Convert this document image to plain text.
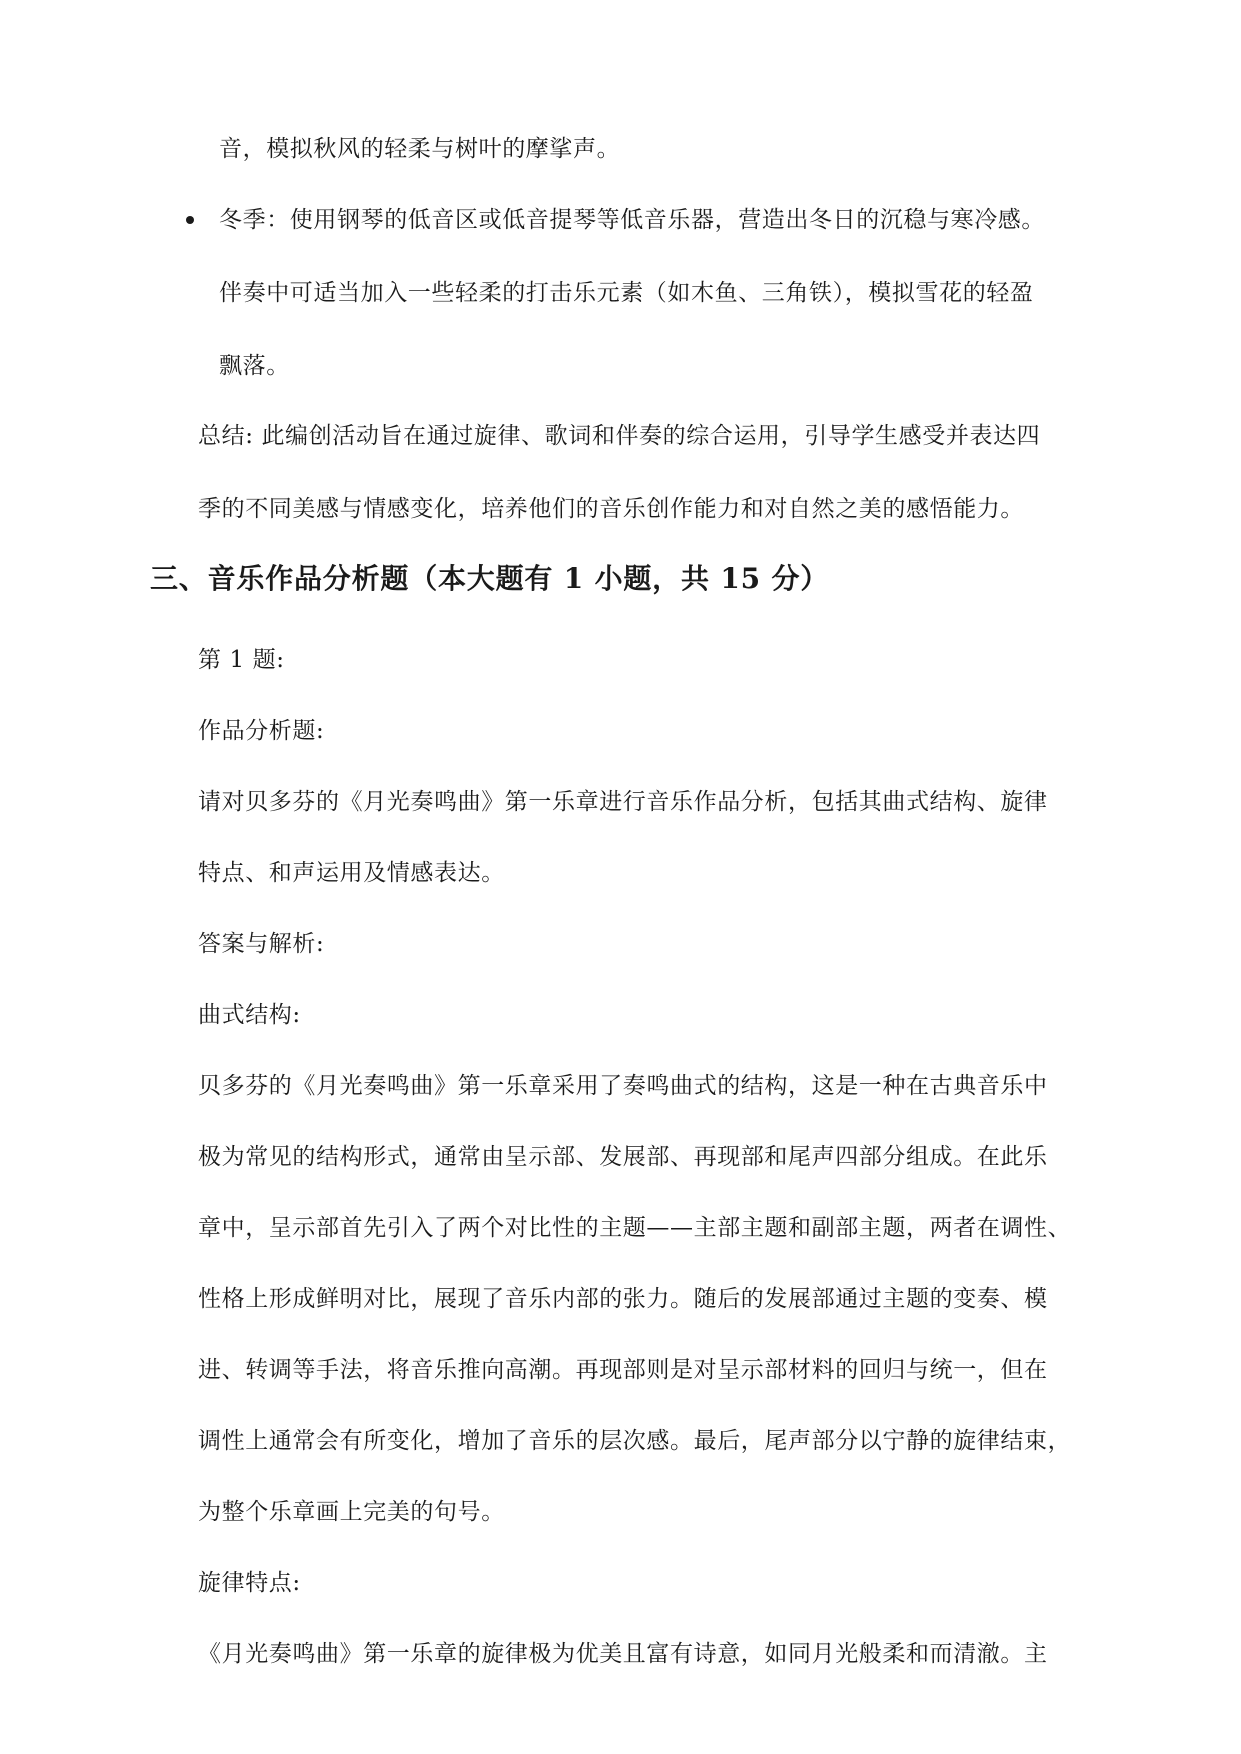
音，模拟秋风的轻柔与树叶的摩挲声。
冬季：使用钢琴的低音区或低音提琴等低音乐器，营造出冬日的沉稳与寒冷感。
伴奏中可适当加入一些轻柔的打击乐元素（如木鱼、三角铁），模拟雪花的轻盈
飘落。
总结: 此编创活动旨在通过旋律、歌词和伴奏的综合运用，引导学生感受并表达四
季的不同美感与情感变化，培养他们的音乐创作能力和对自然之美的感悟能力。
三、音乐作品分析题（本大题有 1 小题，共 15 分）
第 1 题:
作品分析题:
请对贝多芬的《月光奏鸣曲》第一乐章进行音乐作品分析，包括其曲式结构、旋律
特点、和声运用及情感表达。
答案与解析:
曲式结构:
贝多芬的《月光奏鸣曲》第一乐章采用了奏鸣曲式的结构，这是一种在古典音乐中
极为常见的结构形式，通常由呈示部、发展部、再现部和尾声四部分组成。在此乐
章中，呈示部首先引入了两个对比性的主题——主部主题和副部主题，两者在调性、
性格上形成鲜明对比，展现了音乐内部的张力。随后的发展部通过主题的变奏、模
进、转调等手法，将音乐推向高潮。再现部则是对呈示部材料的回归与统一，但在
调性上通常会有所变化，增加了音乐的层次感。最后，尾声部分以宁静的旋律结束，
为整个乐章画上完美的句号。
旋律特点:
《月光奏鸣曲》第一乐章的旋律极为优美且富有诗意，如同月光般柔和而清澈。主
